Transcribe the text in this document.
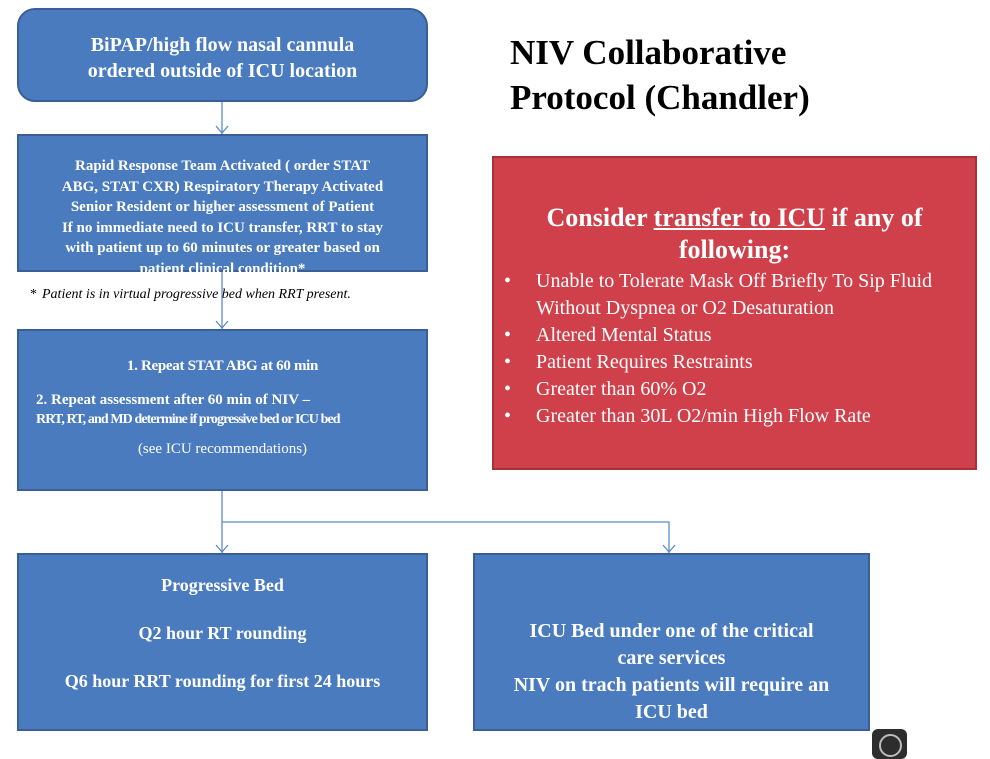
BiPAP/high flow nasal cannula
ordered outside of ICU location
Rapid Response Team Activated ( order STAT
ABG, STAT CXR) Respiratory Therapy Activated
Senior Resident or higher assessment of Patient
If no immediate need to ICU transfer, RRT to stay
with patient up to 60 minutes or greater based on
patient clinical condition*
* Patient is in virtual progressive bed when RRT present.
1. Repeat STAT ABG at 60 min
2. Repeat assessment after 60 min of NIV –
RRT, RT, and MD determine if progressive bed or ICU bed
(see ICU recommendations)
Progressive Bed
Q2 hour RT rounding
Q6 hour RRT rounding for first 24 hours
ICU Bed under one of the critical
care services
NIV on trach patients will require an
ICU bed
NIV Collaborative
Protocol (Chandler)
Consider transfer to ICU if any of
following:
• Unable to Tolerate Mask Off Briefly To Sip Fluid Without Dyspnea or O2 Desaturation
• Altered Mental Status
• Patient Requires Restraints
• Greater than 60% O2
• Greater than 30L O2/min High Flow Rate
